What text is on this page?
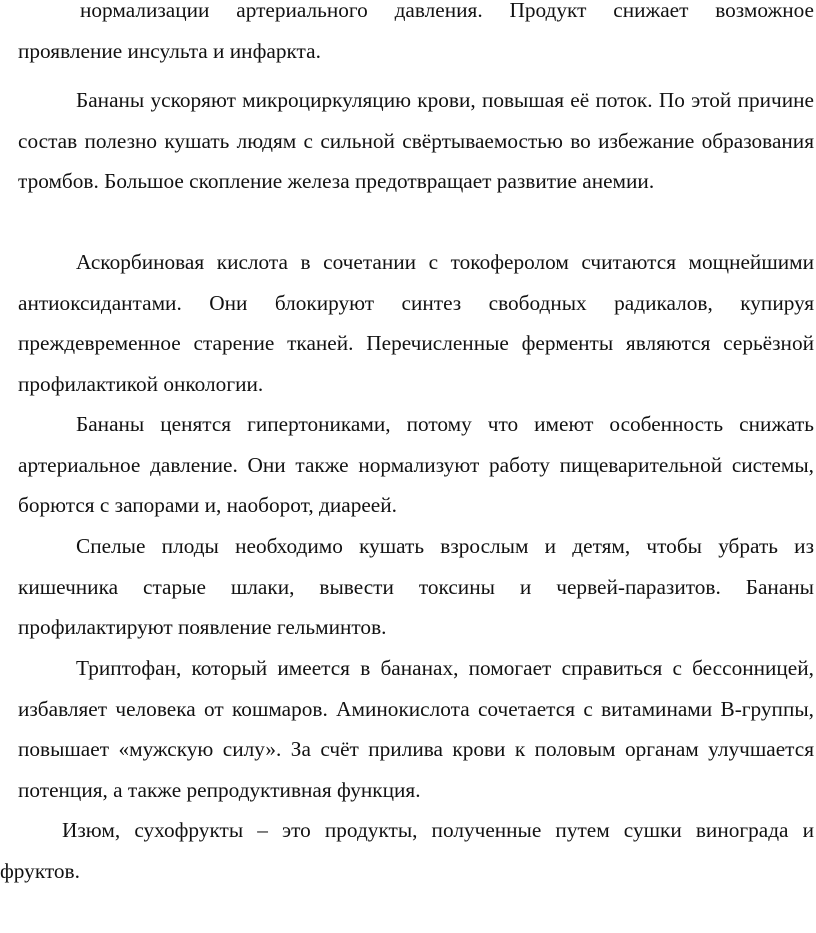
нормализации артериального давления. Продукт снижает возможное проявление инсульта и инфаркта.

Бананы ускоряют микроциркуляцию крови, повышая её поток. По этой причине состав полезно кушать людям с сильной свёртываемостью во избежание образования тромбов. Большое скопление железа предотвращает развитие анемии.

Аскорбиновая кислота в сочетании с токоферолом считаются мощнейшими антиоксидантами. Они блокируют синтез свободных радикалов, купируя преждевременное старение тканей. Перечисленные ферменты являются серьёзной профилактикой онкологии.

Бананы ценятся гипертониками, потому что имеют особенность снижать артериальное давление. Они также нормализуют работу пищеварительной системы, борются с запорами и, наоборот, диареей.

Спелые плоды необходимо кушать взрослым и детям, чтобы убрать из кишечника старые шлаки, вывести токсины и червей-паразитов. Бананы профилактируют появление гельминтов.

Триптофан, который имеется в бананах, помогает справиться с бессонницей, избавляет человека от кошмаров. Аминокислота сочетается с витаминами В-группы, повышает «мужскую силу». За счёт прилива крови к половым органам улучшается потенция, а также репродуктивная функция.

Изюм, сухофрукты – это продукты, полученные путем сушки винограда и фруктов.
